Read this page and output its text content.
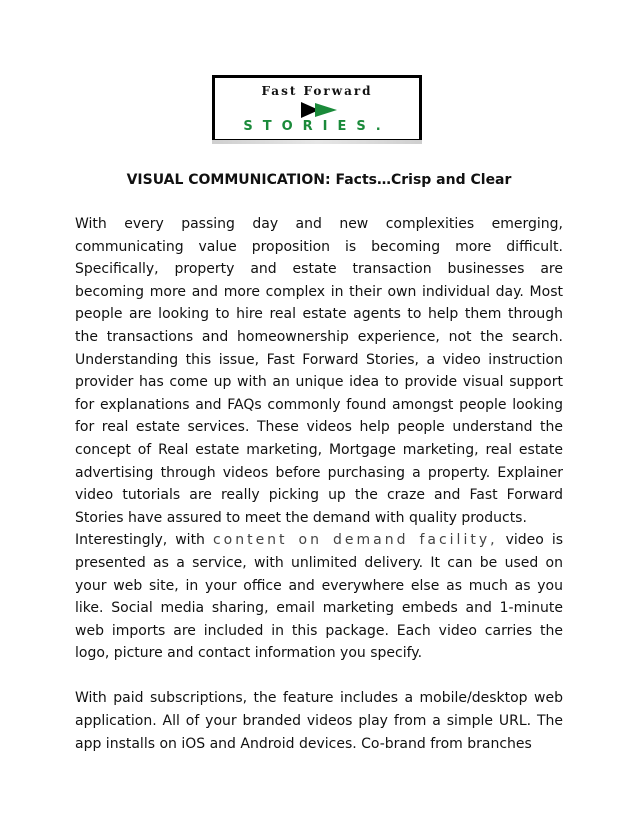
Fast Forward
STORIES.
VISUAL COMMUNICATION: Facts…Crisp and Clear

With every passing day and new complexities emerging, communicating value proposition is becoming more difficult. Specifically, property and estate transaction businesses are becoming more and more complex in their own individual day. Most people are looking to hire real estate agents to help them through the transactions and homeownership experience, not the search. Understanding this issue, Fast Forward Stories, a video instruction provider has come up with an unique idea to provide visual support for explanations and FAQs commonly found amongst people looking for real estate services. These videos help people understand the concept of Real estate marketing, Mortgage marketing, real estate advertising through videos before purchasing a property. Explainer video tutorials are really picking up the craze and Fast Forward Stories have assured to meet the demand with quality products.

Interestingly, with content on demand facility, video is presented as a service, with unlimited delivery. It can be used on your web site, in your office and everywhere else as much as you like. Social media sharing, email marketing embeds and 1-minute web imports are included in this package. Each video carries the logo, picture and contact information you specify.

With paid subscriptions, the feature includes a mobile/desktop web application. All of your branded videos play from a simple URL. The app installs on iOS and Android devices. Co-brand from branches
